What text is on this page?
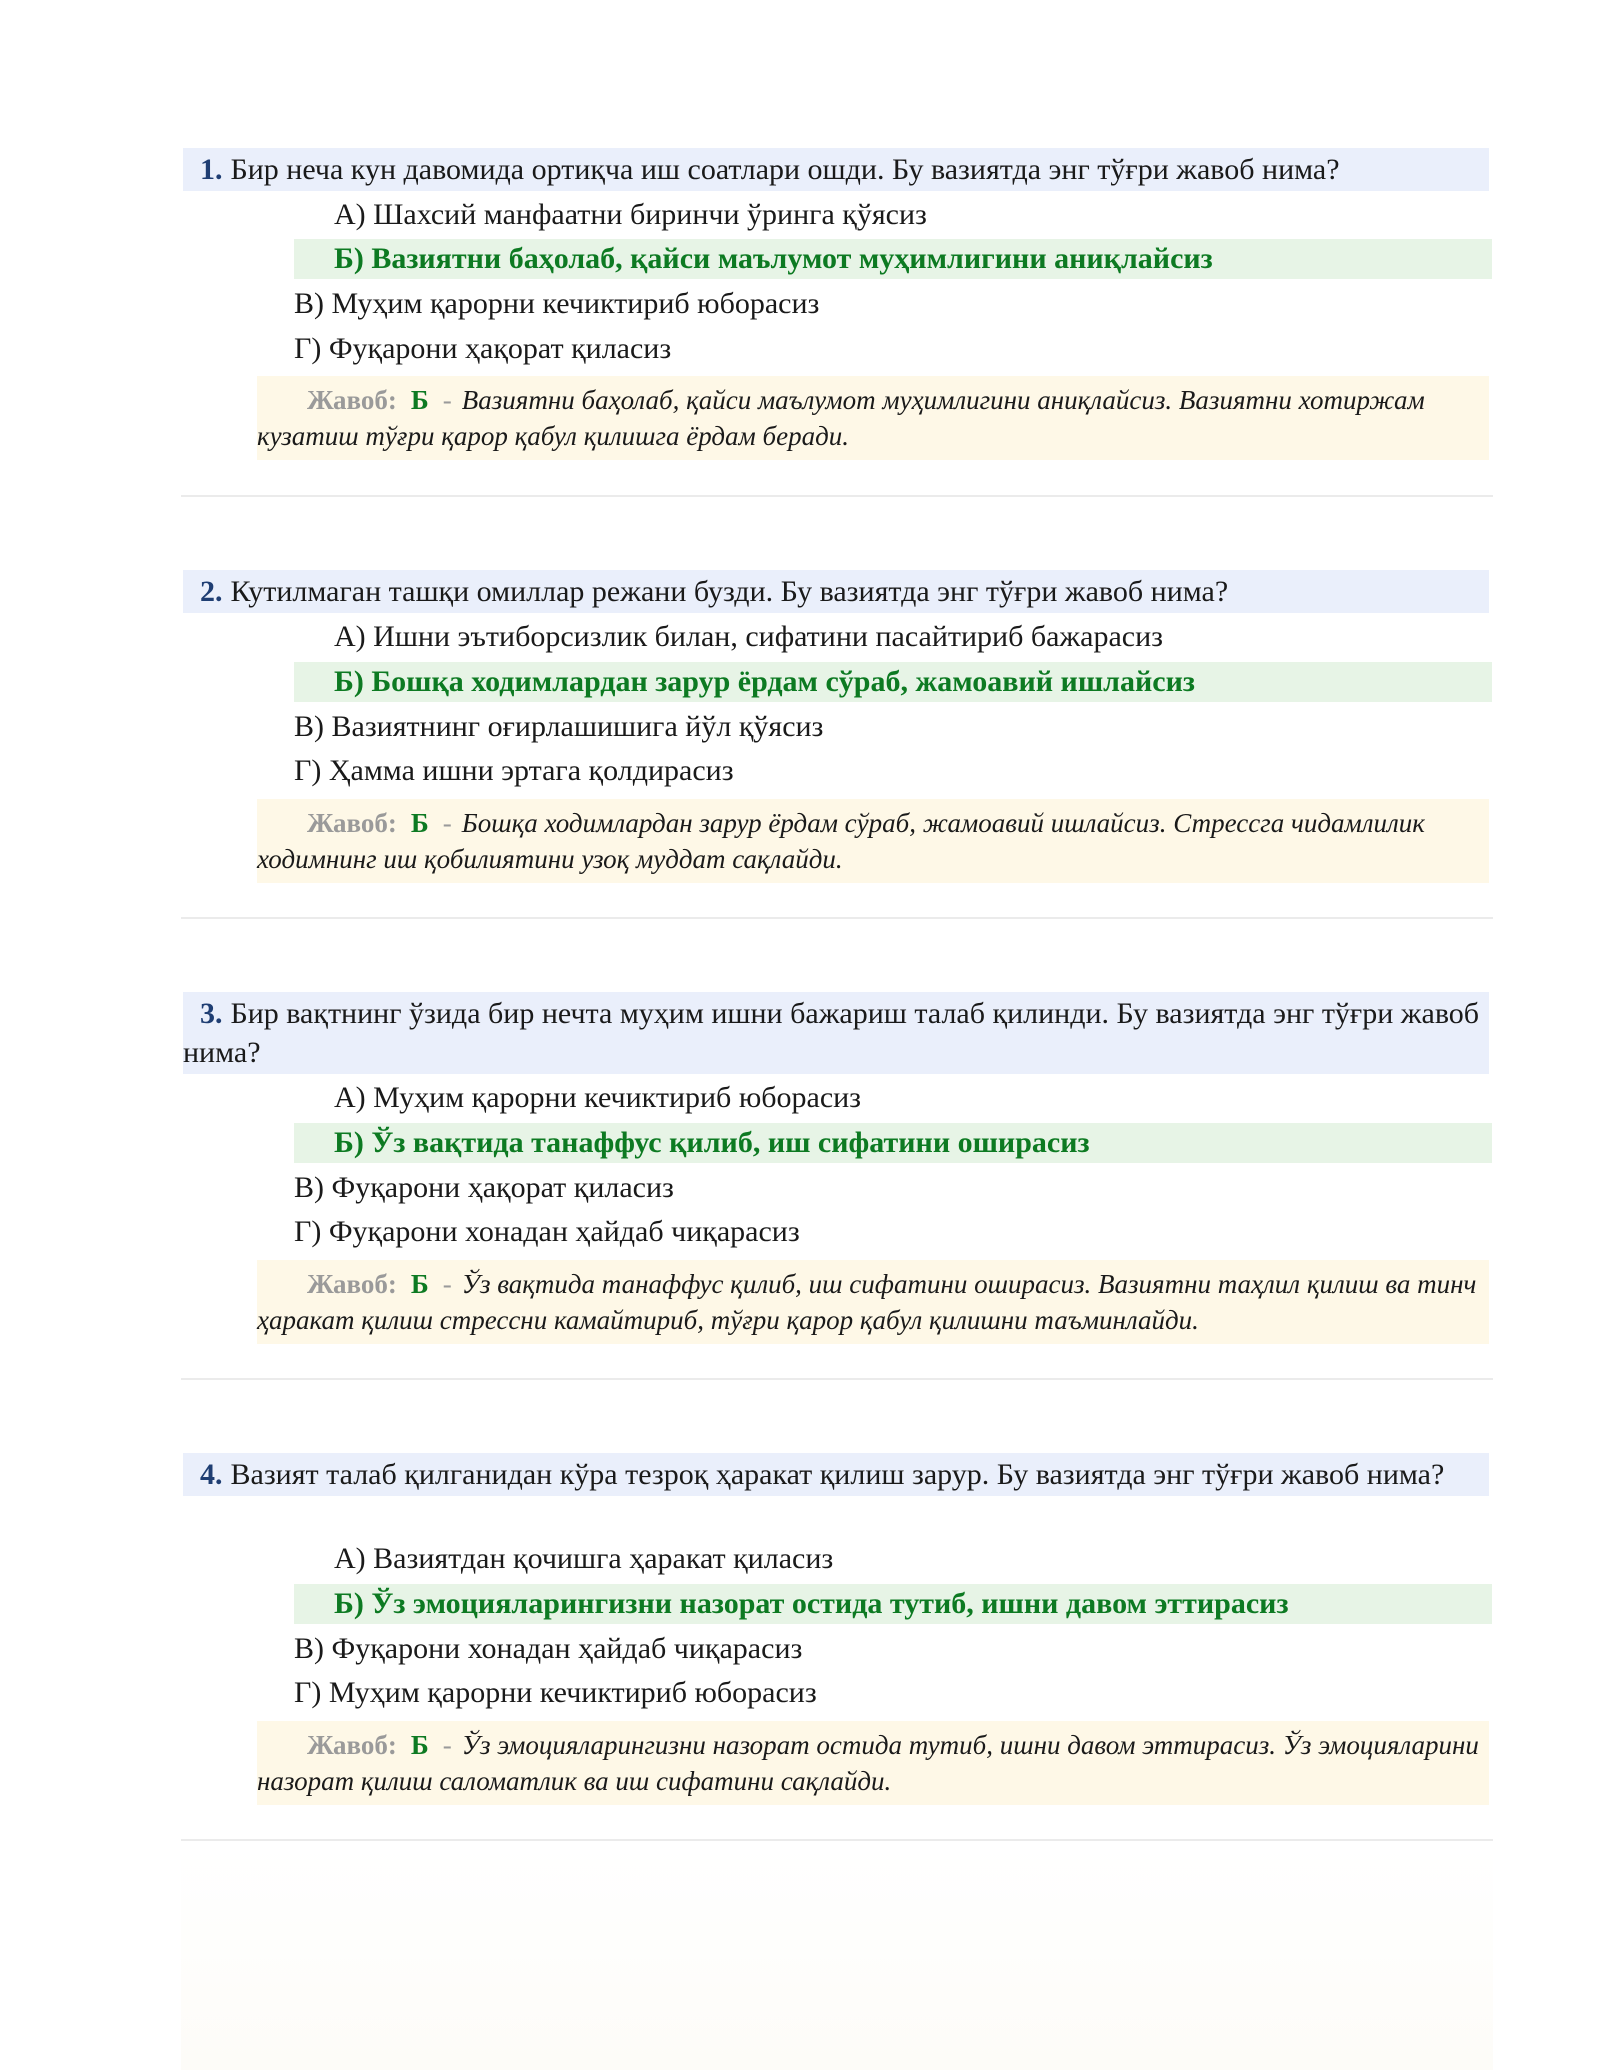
1. Бир неча кун давомида ортиқча иш соатлари ошди. Бу вазиятда энг тўғри жавоб нима?
А) Шахсий манфаатни биринчи ўринга қўясиз
Б) Вазиятни баҳолаб, қайси маълумот муҳимлигини аниқлайсиз
В) Муҳим қарорни кечиктириб юборасиз
Г) Фуқарони ҳақорат қиласиз
Жавоб: Б - Вазиятни баҳолаб, қайси маълумот муҳимлигини аниқлайсиз. Вазиятни хотиржам кузатиш тўғри қарор қабул қилишга ёрдам беради.
2. Кутилмаган ташқи омиллар режани бузди. Бу вазиятда энг тўғри жавоб нима?
А) Ишни эътиборсизлик билан, сифатини пасайтириб бажарасиз
Б) Бошқа ходимлардан зарур ёрдам сўраб, жамоавий ишлайсиз
В) Вазиятнинг оғирлашишига йўл қўясиз
Г) Ҳамма ишни эртага қолдирасиз
Жавоб: Б - Бошқа ходимлардан зарур ёрдам сўраб, жамоавий ишлайсиз. Стрессга чидамлилик ходимнинг иш қобилиятини узоқ муддат сақлайди.
3. Бир вақтнинг ўзида бир нечта муҳим ишни бажариш талаб қилинди. Бу вазиятда энг тўғри жавоб нима?
А) Муҳим қарорни кечиктириб юборасиз
Б) Ўз вақтида танаффус қилиб, иш сифатини оширасиз
В) Фуқарони ҳақорат қиласиз
Г) Фуқарони хонадан ҳайдаб чиқарасиз
Жавоб: Б - Ўз вақтида танаффус қилиб, иш сифатини оширасиз. Вазиятни таҳлил қилиш ва тинч ҳаракат қилиш стрессни камайтириб, тўғри қарор қабул қилишни таъминлайди.
4. Вазият талаб қилганидан кўра тезроқ ҳаракат қилиш зарур. Бу вазиятда энг тўғри жавоб нима?
А) Вазиятдан қочишга ҳаракат қиласиз
Б) Ўз эмоцияларингизни назорат остида тутиб, ишни давом эттирасиз
В) Фуқарони хонадан ҳайдаб чиқарасиз
Г) Муҳим қарорни кечиктириб юборасиз
Жавоб: Б - Ўз эмоцияларингизни назорат остида тутиб, ишни давом эттирасиз. Ўз эмоцияларини назорат қилиш саломатлик ва иш сифатини сақлайди.
